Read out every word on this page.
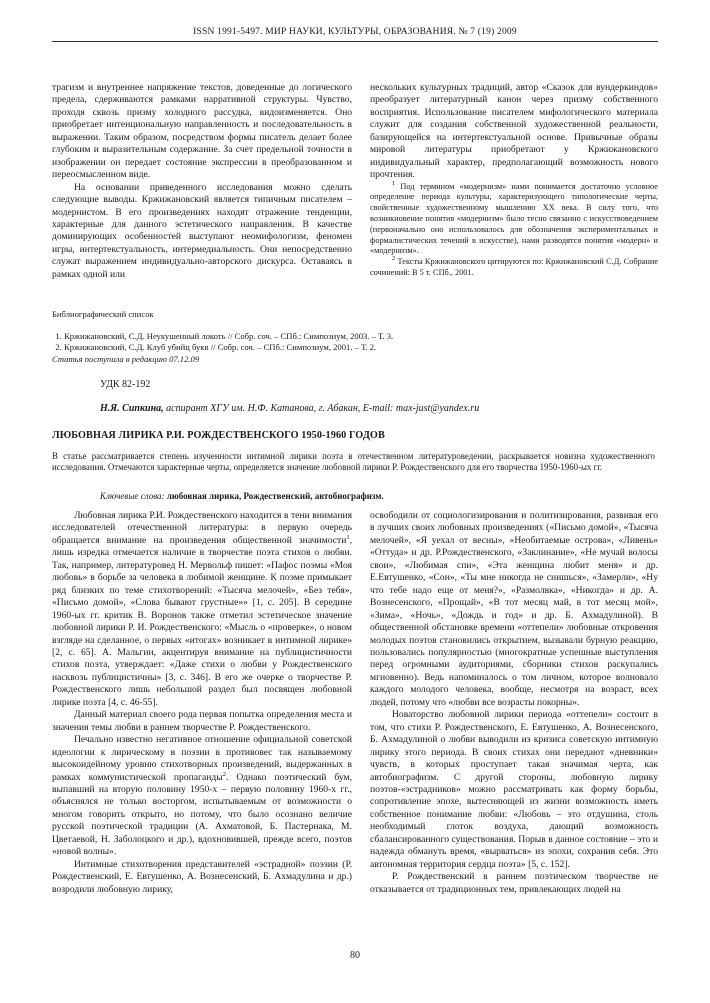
ISSN 1991-5497. МИР НАУКИ, КУЛЬТУРЫ, ОБРАЗОВАНИЯ. № 7 (19) 2009

трагизм и внутреннее напряжение текстов, доведенные до логического предела, сдерживаются рамками нарративной структуры. Чувство, проходя сквозь призму холодного рассудка, видоизменяется. Оно приобретает интенциональную направленность и последовательность в выражении. Таким образом, посредством формы писатель делает более глубоким и выразительным содержание. За счет предельной точности в изображении он передает состояние экспрессии в преобразованном и переосмысленном виде.

На основании приведенного исследования можно сделать следующие выводы. Кржижановский является типичным писателем – модернистом. В его произведениях находят отражение тенденции, характерные для данного эстетического направления. В качестве доминирующих особенностей выступают неомифологизм, феномен игры, интертекстуальность, интермедиальность. Они непосредственно служат выражением индивидуально-авторского дискурса. Оставаясь в рамках одной или

нескольких культурных традиций, автор «Сказок для вундеркиндов» преобразует литературный канон через призму собственного восприятия. Использование писателем мифологического материала служит для создания собственной художественной реальности, базирующейся на интертекстуальной основе. Привычные образы мировой литературы приобретают у Кржижановского индивидуальный характер, предполагающий возможность нового прочтения.

$^1$ Под термином «модернизм» нами понимается достаточно условное определение периода культуры, характеризующего типологические черты, свойственные художественному мышлению XX века. В силу того, что возникновение понятия «модернизм» было тесно связанно с искусствоведением (первоначально оно использовалось для обозначения экспериментальных и формалистических течений в искусстве), нами разводятся понятия «модерн» и «модернизм».

$^2$ Тексты Кржижановского цитируются по: Кржижановский С.Д. Собрание сочинений: В 5 т. СПб., 2001.

Библиографический список

1. Кржижановский, С.Д. Неукушенный локоть // Собр. соч. – СПб.: Симпозиум, 2003. – Т. 3.
2. Кржижановский, С.Д. Клуб убийц букв // Собр. соч. – СПб.: Симпозиум, 2001. – Т. 2.

Статья поступила в редакцию 07.12.09

УДК 82-192
Н.Я. Сипкина, аспирант ХГУ им. Н.Ф. Катанова, г. Абакан, E-mail: max-just@yandex.ru
ЛЮБОВНАЯ ЛИРИКА Р.И. РОЖДЕСТВЕНСКОГО 1950-1960 ГОДОВ

В статье рассматривается степень изученности интимной лирики поэта в отечественном литературоведении, раскрывается новизна художественного исследования. Отмечаются характерные черты, определяется значение любовной лирики Р. Рождественского для его творчества 1950-1960-ых гг.

Ключевые слова: любовная лирика, Рождественский, автобиографизм.

Любовная лирика Р.И. Рождественского находится в тени внимания исследователей отечественной литературы: в первую очередь обращается внимание на произведения общественной значимости$^1$, лишь изредка отмечается наличие в творчестве поэта стихов о любви. Так, например, литературовед Н. Мервольф пишет: «Пафос поэмы «Моя любовь» в борьбе за человека в любимой женщине. К поэме примыкает ряд близких по теме стихотворений: «Тысяча мелочей», «Без тебя», «Письмо домой», «Слова бывают грустные»» [1, с. 205]. В середине 1960-ых гг. критик В. Воронов также отметил эстетическое значение любовной лирики Р. И. Рождественского: «Мысль о «проверке», о новом взгляде на сделанное, о первых «итогах» возникает в интимной лирике» [2, с. 65]. А. Мальгин, акцентируя внимание на публицистичности стихов поэта, утверждает: «Даже стихи о любви у Рождественского насквозь публицистичны» [3, с. 346]. В его же очерке о творчестве Р. Рождественского лишь небольшой раздел был посвящен любовной лирике поэта [4, с. 46-55].

Данный материал своего рода первая попытка определения места и значения темы любви в раннем творчестве Р. Рождественского.

Печально известно негативное отношение официальной советской идеологии к лирическому в поэзии в противовес так называемому высокоидейному уровню стихотворных произведений, выдержанных в рамках коммунистической пропаганды$^2$. Однако поэтический бум, выпавший на вторую половину 1950-х – первую половину 1960-х гг., объяснялся не только восторгом, испытываемым от возможности о многом говорить открыто, но потому, что было осознано величие русской поэтической традиции (А. Ахматовой, Б. Пастернака, М. Цветаевой, Н. Заболоцкого и др.), вдохновившей, прежде всего, поэтов «новой волны».

Интимные стихотворения представителей «эстрадной» поэзии (Р. Рождественский, Е. Евтушенко, А. Вознесенский, Б. Ахмадулина и др.) возродили любовную лирику,

освободили от социологизирования и политизирования, развивая его в лучших своих любовных произведениях («Письмо домой», «Тысяча мелочей», «Я уехал от весны», «Необитаемые острова», «Ливень» «Оттуда» и др. Р.Рождественского, «Заклинание», «Не мучай волосы свои», «Любимая спи», «Эта женщина любит меня» и др. Е.Евтушенко, «Сон», «Ты мне никогда не снишься», «Замерли», «Ну что тебе надо еще от меня?», «Размолвка», «Никогда» и др. А. Вознесенского, «Прощай», «В тот месяц май, в тот месяц мой», «Зима», «Ночь», «Дождь и год» и др. Б. Ахмадулиной). В общественной обстановке времени «оттепели» любовные откровения молодых поэтов становились открытием, вызывали бурную реакцию, пользовались популярностью (многократные успешные выступления перед огромными аудиториями, сборники стихов раскупались мгновенно). Ведь напоминалось о том личном, которое волновало каждого молодого человека, вообще, несмотря на возраст, всех людей, потому что «любви все возрасты покорны».

Новаторство любовной лирики периода «оттепели» состоит в том, что стихи Р. Рождественского, Е. Евтушенко, А. Вознесенского, Б. Ахмадулиной о любви выводили из кризиса советскую интимную лирику этого периода. В своих стихах они передают «дневники» чувств, в которых проступает такая значимая черта, как автобиографизм. С другой стороны, любовную лирику поэтов-«эстрадников» можно рассматривать как форму борьбы, сопротивление эпохе, вытесняющей из жизни возможность иметь собственное понимание любви: «Любовь – это отдушина, столь необходимый глоток воздуха, дающий возможность сбалансированного существования. Порыв в данное состояние – это и надежда обмануть время, «вырваться» из эпохи, сохранив себя. Это автономная территория сердца поэта» [5, с. 152].

Р. Рождественский в раннем поэтическом творчестве не отказывается от традиционных тем, привлекающих людей на

80
